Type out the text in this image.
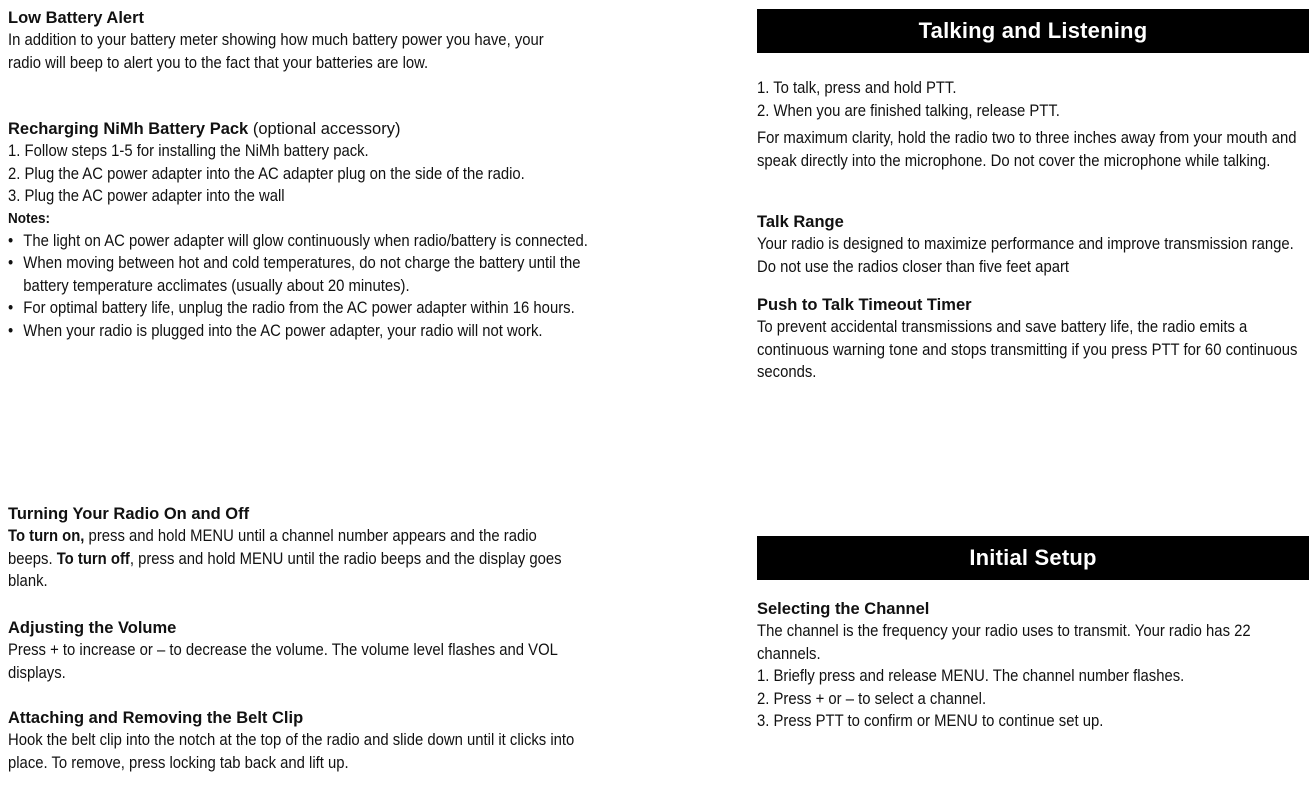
Low Battery Alert

In addition to your battery meter showing how much battery power you have, your radio will beep to alert you to the fact that your batteries are low.

Recharging NiMh Battery Pack (optional accessory)

1. Follow steps 1-5 for installing the NiMh battery pack.
2. Plug the AC power adapter into the AC adapter plug on the side of the radio.
3. Plug the AC power adapter into the wall

Notes:

• The light on AC power adapter will glow continuously when radio/battery is connected.
• When moving between hot and cold temperatures, do not charge the battery until the battery temperature acclimates (usually about 20 minutes).
• For optimal battery life, unplug the radio from the AC power adapter within 16 hours.
• When your radio is plugged into the AC power adapter, your radio will not work.

Turning Your Radio On and Off

To turn on, press and hold MENU until a channel number appears and the radio beeps. To turn off, press and hold MENU until the radio beeps and the display goes blank.

Adjusting the Volume

Press + to increase or – to decrease the volume. The volume level flashes and VOL displays.

Attaching and Removing the Belt Clip

Hook the belt clip into the notch at the top of the radio and slide down until it clicks into place. To remove, press locking tab back and lift up.

Talking and Listening
1. To talk, press and hold PTT.
2. When you are finished talking, release PTT.

For maximum clarity, hold the radio two to three inches away from your mouth and speak directly into the microphone. Do not cover the microphone while talking.

Talk Range

Your radio is designed to maximize performance and improve transmission range. Do not use the radios closer than five feet apart

Push to Talk Timeout Timer

To prevent accidental transmissions and save battery life, the radio emits a continuous warning tone and stops transmitting if you press PTT for 60 continuous seconds.

Initial Setup

Selecting the Channel

The channel is the frequency your radio uses to transmit. Your radio has 22 channels.

1. Briefly press and release MENU. The channel number flashes.
2. Press + or – to select a channel.
3. Press PTT to confirm or MENU to continue set up.
